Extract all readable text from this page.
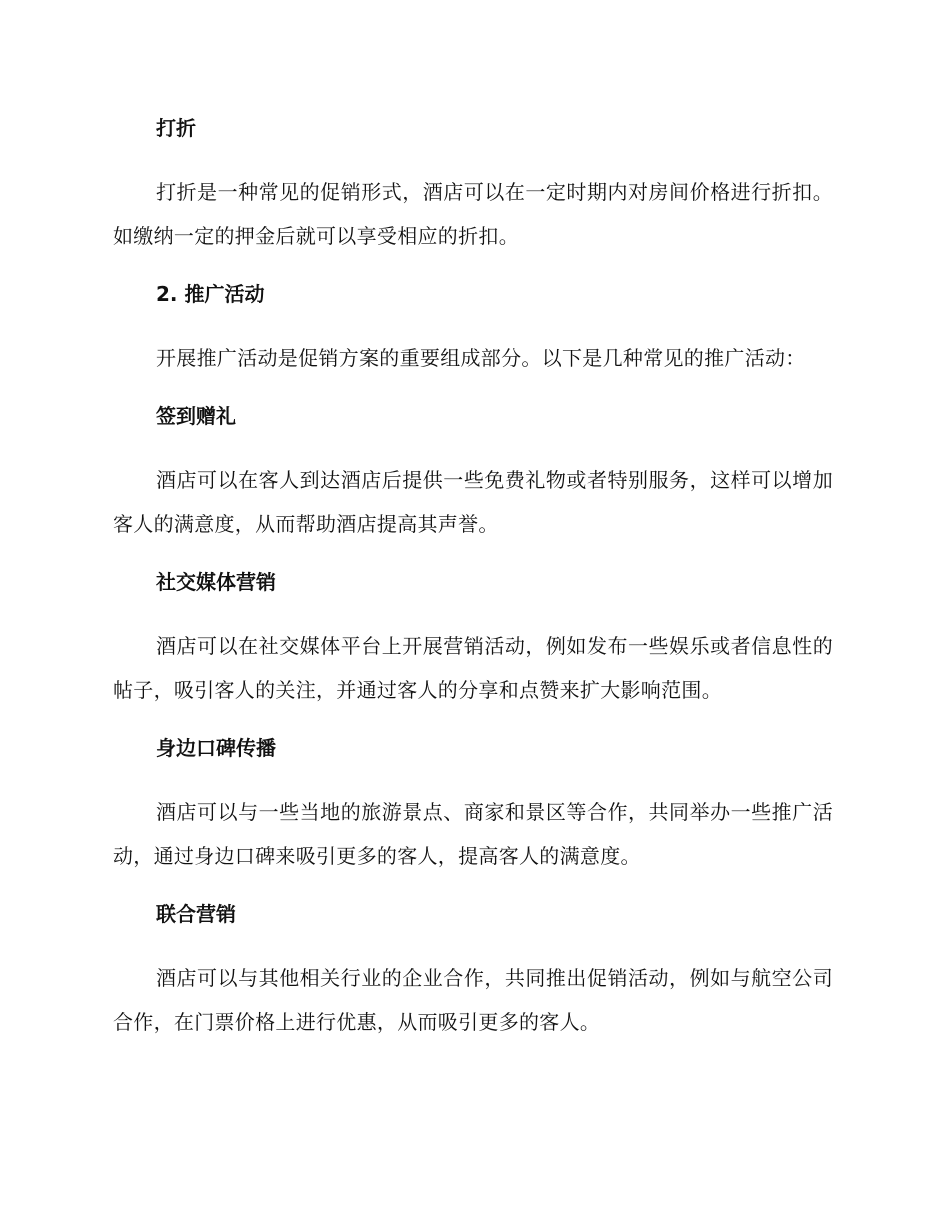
打折
打折是一种常见的促销形式，酒店可以在一定时期内对房间价格进行折扣。如缴纳一定的押金后就可以享受相应的折扣。
2. 推广活动
开展推广活动是促销方案的重要组成部分。以下是几种常见的推广活动：
签到赠礼
酒店可以在客人到达酒店后提供一些免费礼物或者特别服务，这样可以增加客人的满意度，从而帮助酒店提高其声誉。
社交媒体营销
酒店可以在社交媒体平台上开展营销活动，例如发布一些娱乐或者信息性的帖子，吸引客人的关注，并通过客人的分享和点赞来扩大影响范围。
身边口碑传播
酒店可以与一些当地的旅游景点、商家和景区等合作，共同举办一些推广活动，通过身边口碑来吸引更多的客人，提高客人的满意度。
联合营销
酒店可以与其他相关行业的企业合作，共同推出促销活动，例如与航空公司合作，在门票价格上进行优惠，从而吸引更多的客人。
